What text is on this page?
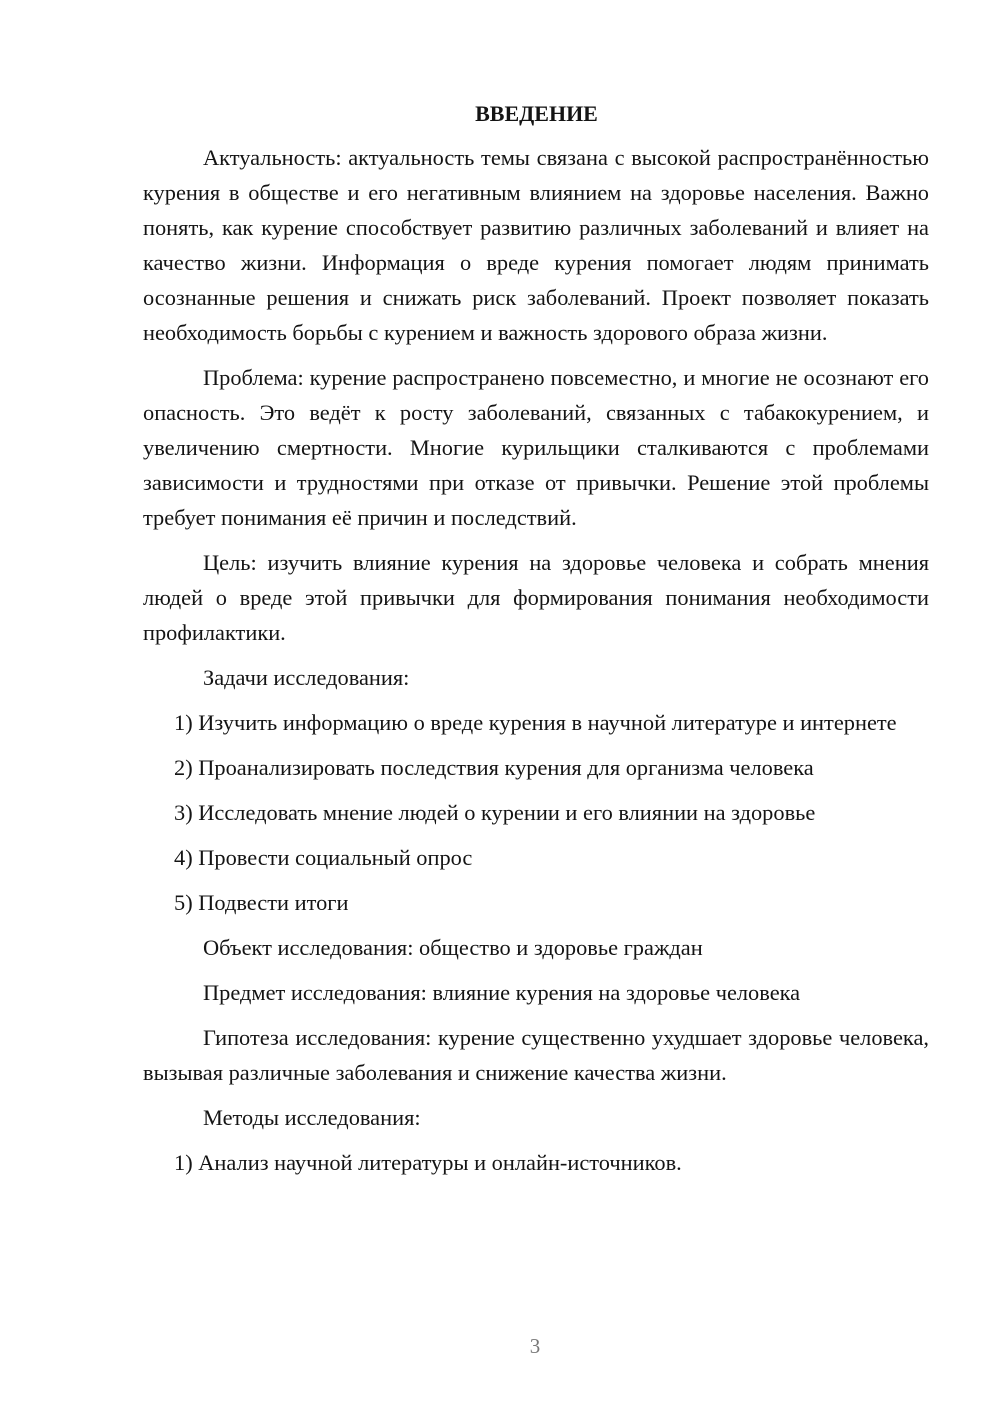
ВВЕДЕНИЕ

Актуальность: актуальность темы связана с высокой распространённостью курения в обществе и его негативным влиянием на здоровье населения. Важно понять, как курение способствует развитию различных заболеваний и влияет на качество жизни. Информация о вреде курения помогает людям принимать осознанные решения и снижать риск заболеваний. Проект позволяет показать необходимость борьбы с курением и важность здорового образа жизни.

Проблема: курение распространено повсеместно, и многие не осознают его опасность. Это ведёт к росту заболеваний, связанных с табакокурением, и увеличению смертности. Многие курильщики сталкиваются с проблемами зависимости и трудностями при отказе от привычки. Решение этой проблемы требует понимания её причин и последствий.

Цель: изучить влияние курения на здоровье человека и собрать мнения людей о вреде этой привычки для формирования понимания необходимости профилактики.

Задачи исследования:

1) Изучить информацию о вреде курения в научной литературе и интернете

2) Проанализировать последствия курения для организма человека

3) Исследовать мнение людей о курении и его влиянии на здоровье

4) Провести социальный опрос

5) Подвести итоги

Объект исследования: общество и здоровье граждан

Предмет исследования: влияние курения на здоровье человека

Гипотеза исследования: курение существенно ухудшает здоровье человека, вызывая различные заболевания и снижение качества жизни.

Методы исследования:

1) Анализ научной литературы и онлайн-источников.

3
